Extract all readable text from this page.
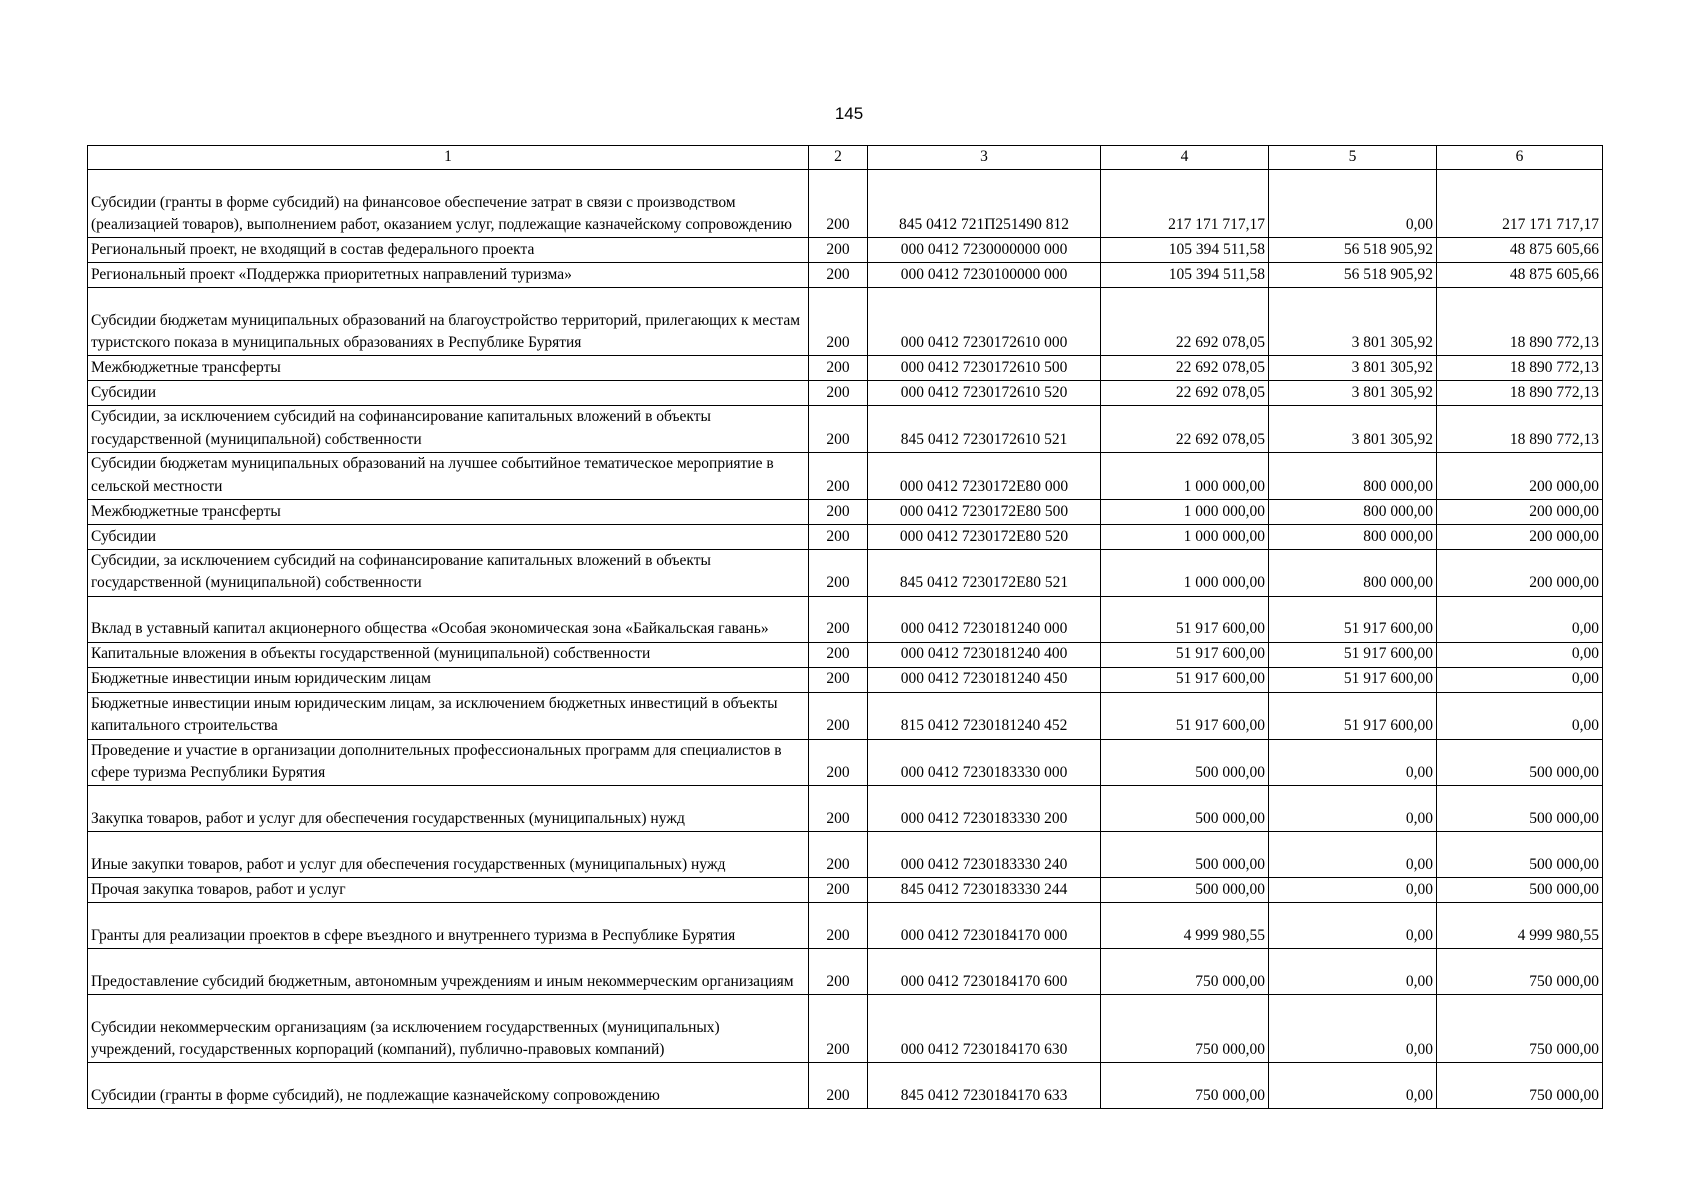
145
1	2	3	4	5	6
Субсидии (гранты в форме субсидий) на финансовое обеспечение затрат в связи с производством (реализацией товаров), выполнением работ, оказанием услуг, подлежащие казначейскому сопровождению	200	845 0412 721П251490 812	217 171 717,17	0,00	217 171 717,17
Региональный проект, не входящий в состав федерального проекта	200	000 0412 7230000000 000	105 394 511,58	56 518 905,92	48 875 605,66
Региональный проект «Поддержка приоритетных направлений туризма»	200	000 0412 7230100000 000	105 394 511,58	56 518 905,92	48 875 605,66
Субсидии бюджетам муниципальных образований на благоустройство территорий, прилегающих к местам туристского показа в муниципальных образованиях в Республике Бурятия	200	000 0412 7230172610 000	22 692 078,05	3 801 305,92	18 890 772,13
Межбюджетные трансферты	200	000 0412 7230172610 500	22 692 078,05	3 801 305,92	18 890 772,13
Субсидии	200	000 0412 7230172610 520	22 692 078,05	3 801 305,92	18 890 772,13
Субсидии, за исключением субсидий на софинансирование капитальных вложений в объекты государственной (муниципальной) собственности	200	845 0412 7230172610 521	22 692 078,05	3 801 305,92	18 890 772,13
Субсидии бюджетам муниципальных образований на лучшее событийное тематическое мероприятие в сельской местности	200	000 0412 7230172E80 000	1 000 000,00	800 000,00	200 000,00
Межбюджетные трансферты	200	000 0412 7230172E80 500	1 000 000,00	800 000,00	200 000,00
Субсидии	200	000 0412 7230172E80 520	1 000 000,00	800 000,00	200 000,00
Субсидии, за исключением субсидий на софинансирование капитальных вложений в объекты государственной (муниципальной) собственности	200	845 0412 7230172E80 521	1 000 000,00	800 000,00	200 000,00
Вклад в уставный капитал акционерного общества «Особая экономическая зона «Байкальская гавань»	200	000 0412 7230181240 000	51 917 600,00	51 917 600,00	0,00
Капитальные вложения в объекты государственной (муниципальной) собственности	200	000 0412 7230181240 400	51 917 600,00	51 917 600,00	0,00
Бюджетные инвестиции иным юридическим лицам	200	000 0412 7230181240 450	51 917 600,00	51 917 600,00	0,00
Бюджетные инвестиции иным юридическим лицам, за исключением бюджетных инвестиций в объекты капитального строительства	200	815 0412 7230181240 452	51 917 600,00	51 917 600,00	0,00
Проведение и участие в организации дополнительных профессиональных программ для специалистов в сфере туризма Республики Бурятия	200	000 0412 7230183330 000	500 000,00	0,00	500 000,00
Закупка товаров, работ и услуг для обеспечения государственных (муниципальных) нужд	200	000 0412 7230183330 200	500 000,00	0,00	500 000,00
Иные закупки товаров, работ и услуг для обеспечения государственных (муниципальных) нужд	200	000 0412 7230183330 240	500 000,00	0,00	500 000,00
Прочая закупка товаров, работ и услуг	200	845 0412 7230183330 244	500 000,00	0,00	500 000,00
Гранты для реализации проектов в сфере въездного и внутреннего туризма в Республике Бурятия	200	000 0412 7230184170 000	4 999 980,55	0,00	4 999 980,55
Предоставление субсидий бюджетным, автономным учреждениям и иным некоммерческим организациям	200	000 0412 7230184170 600	750 000,00	0,00	750 000,00
Субсидии некоммерческим организациям (за исключением государственных (муниципальных) учреждений, государственных корпораций (компаний), публично-правовых компаний)	200	000 0412 7230184170 630	750 000,00	0,00	750 000,00
Субсидии (гранты в форме субсидий), не подлежащие казначейскому сопровождению	200	845 0412 7230184170 633	750 000,00	0,00	750 000,00
